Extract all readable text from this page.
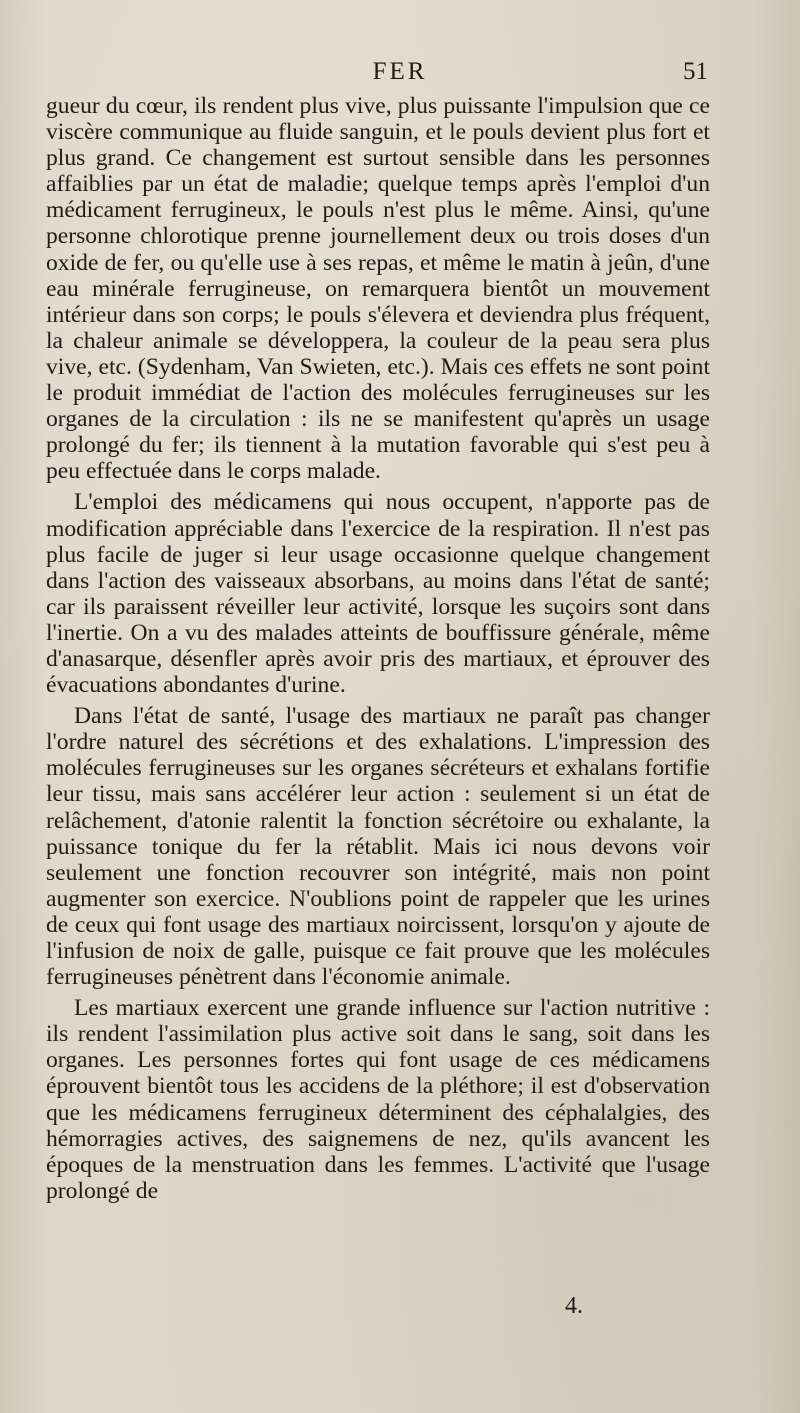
FER	51

gueur du cœur, ils rendent plus vive, plus puissante l'impulsion que ce viscère communique au fluide sanguin, et le pouls devient plus fort et plus grand. Ce changement est surtout sensible dans les personnes affaiblies par un état de maladie; quelque temps après l'emploi d'un médicament ferrugineux, le pouls n'est plus le même. Ainsi, qu'une personne chlorotique prenne journellement deux ou trois doses d'un oxide de fer, ou qu'elle use à ses repas, et même le matin à jeûn, d'une eau minérale ferrugineuse, on remarquera bientôt un mouvement intérieur dans son corps; le pouls s'élevera et deviendra plus fréquent, la chaleur animale se développera, la couleur de la peau sera plus vive, etc. (Sydenham, Van Swieten, etc.). Mais ces effets ne sont point le produit immédiat de l'action des molécules ferrugineuses sur les organes de la circulation : ils ne se manifestent qu'après un usage prolongé du fer; ils tiennent à la mutation favorable qui s'est peu à peu effectuée dans le corps malade.

L'emploi des médicamens qui nous occupent, n'apporte pas de modification appréciable dans l'exercice de la respiration. Il n'est pas plus facile de juger si leur usage occasionne quelque changement dans l'action des vaisseaux absorbans, au moins dans l'état de santé; car ils paraissent réveiller leur activité, lorsque les suçoirs sont dans l'inertie. On a vu des malades atteints de bouffissure générale, même d'anasarque, désenfler après avoir pris des martiaux, et éprouver des évacuations abondantes d'urine.

Dans l'état de santé, l'usage des martiaux ne paraît pas changer l'ordre naturel des sécrétions et des exhalations. L'impression des molécules ferrugineuses sur les organes sécréteurs et exhalans fortifie leur tissu, mais sans accélérer leur action : seulement si un état de relâchement, d'atonie ralentit la fonction sécrétoire ou exhalante, la puissance tonique du fer la rétablit. Mais ici nous devons voir seulement une fonction recouvrer son intégrité, mais non point augmenter son exercice. N'oublions point de rappeler que les urines de ceux qui font usage des martiaux noircissent, lorsqu'on y ajoute de l'infusion de noix de galle, puisque ce fait prouve que les molécules ferrugineuses pénètrent dans l'économie animale.

Les martiaux exercent une grande influence sur l'action nutritive : ils rendent l'assimilation plus active soit dans le sang, soit dans les organes. Les personnes fortes qui font usage de ces médicamens éprouvent bientôt tous les accidens de la pléthore; il est d'observation que les médicamens ferrugineux déterminent des céphalalgies, des hémorragies actives, des saignemens de nez, qu'ils avancent les époques de la menstruation dans les femmes. L'activité que l'usage prolongé de

4.
